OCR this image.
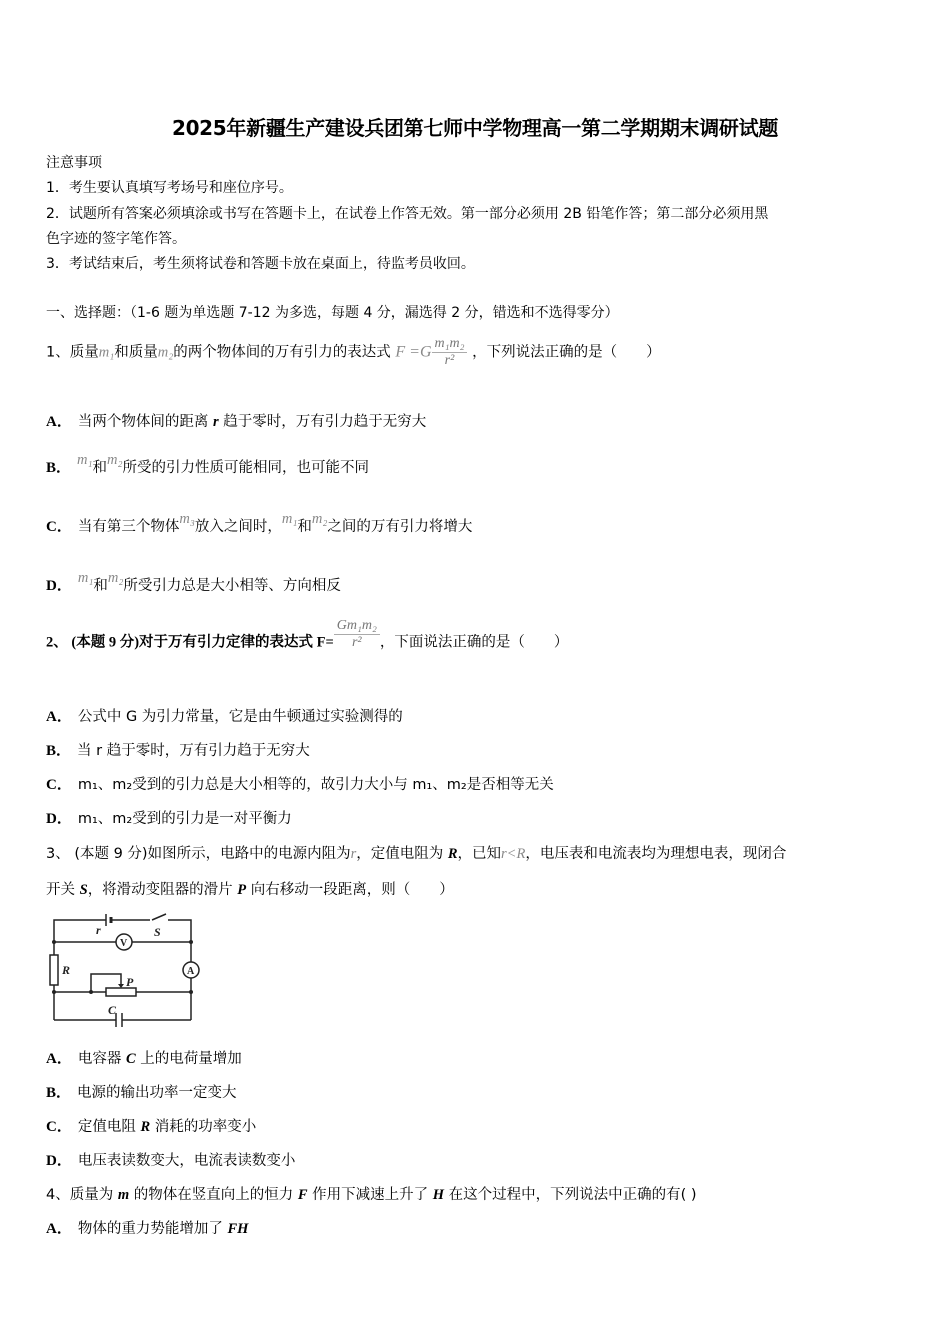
2025年新疆生产建设兵团第七师中学物理高一第二学期期末调研试题
注意事项
1．考生要认真填写考场号和座位序号。
2．试题所有答案必须填涂或书写在答题卡上，在试卷上作答无效。第一部分必须用 2B 铅笔作答；第二部分必须用黑
色字迹的签字笔作答。
3．考试结束后，考生须将试卷和答题卡放在桌面上，待监考员收回。
一、选择题：（1-6 题为单选题 7-12 为多选，每题 4 分，漏选得 2 分，错选和不选得零分）
1、质量m₁和质量m₂的两个物体间的万有引力的表达式 $F =G \frac{\text{m₁m₂}}{\text{r²}}$ ，下列说法正确的是（　　）
A． 当两个物体间的距离 r 趋于零时，万有引力趋于无穷大
B． m₁和m₂所受的引力性质可能相同，也可能不同
C． 当有第三个物体m₃放入之间时，m₁和m₂之间的万有引力将增大
D． m₁和m₂所受引力总是大小相等、方向相反
2、 (本题 9 分)对于万有引力定律的表达式 $F= \frac{\text{Gm₁m₂}}{\text{r²}}$ ，下面说法正确的是（　　）
A． 公式中 G 为引力常量，它是由牛顿通过实验测得的
B． 当 r 趋于零时，万有引力趋于无穷大
C． m₁、m₂受到的引力总是大小相等的，故引力大小与 m₁、m₂是否相等无关
D． m₁、m₂受到的引力是一对平衡力
3、 (本题 9 分)如图所示，电路中的电源内阻为r，定值电阻为 R，已知r<R，电压表和电流表均为理想电表，现闭合
开关 S，将滑动变阻器的滑片 P 向右移动一段距离，则（　　）
r	S
V
A
R
P
C
A． 电容器 C 上的电荷量增加
B． 电源的输出功率一定变大
C． 定值电阻 R 消耗的功率变小
D． 电压表读数变大，电流表读数变小
4、质量为 m 的物体在竖直向上的恒力 F 作用下减速上升了 H 在这个过程中，下列说法中正确的有( )
A． 物体的重力势能增加了 FH
